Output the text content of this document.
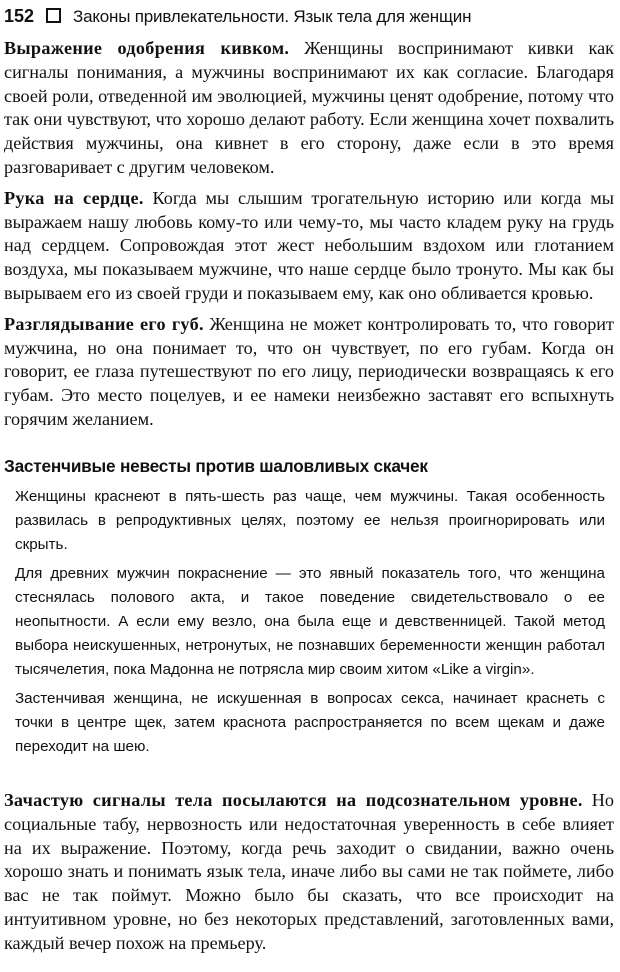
152 Законы привлекательности. Язык тела для женщин

Выражение одобрения кивком. Женщины воспринимают кивки как сигналы понимания, а мужчины воспринимают их как согласие. Благодаря своей роли, отведенной им эволюцией, мужчины ценят одобрение, потому что так они чувствуют, что хорошо делают работу. Если женщина хочет похвалить действия мужчины, она кивнет в его сторону, даже если в это время разговаривает с другим человеком.

Рука на сердце. Когда мы слышим трогательную историю или когда мы выражаем нашу любовь кому-то или чему-то, мы часто кладем руку на грудь над сердцем. Сопровождая этот жест небольшим вздохом или глотанием воздуха, мы показываем мужчине, что наше сердце было тронуто. Мы как бы вырываем его из своей груди и показываем ему, как оно обливается кровью.

Разглядывание его губ. Женщина не может контролировать то, что говорит мужчина, но она понимает то, что он чувствует, по его губам. Когда он говорит, ее глаза путешествуют по его лицу, периодически возвращаясь к его губам. Это место поцелуев, и ее намеки неизбежно заставят его вспыхнуть горячим желанием.

Застенчивые невесты против шаловливых скачек

Женщины краснеют в пять-шесть раз чаще, чем мужчины. Такая особенность развилась в репродуктивных целях, поэтому ее нельзя проигнорировать или скрыть.

Для древних мужчин покраснение — это явный показатель того, что женщина стеснялась полового акта, и такое поведение свидетельствовало о ее неопытности. А если ему везло, она была еще и девственницей. Такой метод выбора неискушенных, нетронутых, не познавших беременности женщин работал тысячелетия, пока Мадонна не потрясла мир своим хитом «Like a virgin».

Застенчивая женщина, не искушенная в вопросах секса, начинает краснеть с точки в центре щек, затем краснота распространяется по всем щекам и даже переходит на шею.

Зачастую сигналы тела посылаются на подсознательном уровне. Но социальные табу, нервозность или недостаточная уверенность в себе влияет на их выражение. Поэтому, когда речь заходит о свидании, важно очень хорошо знать и понимать язык тела, иначе либо вы сами не так поймете, либо вас не так поймут. Можно было бы сказать, что все происходит на интуитивном уровне, но без некоторых представлений, заготовленных вами, каждый вечер похож на премьеру.
